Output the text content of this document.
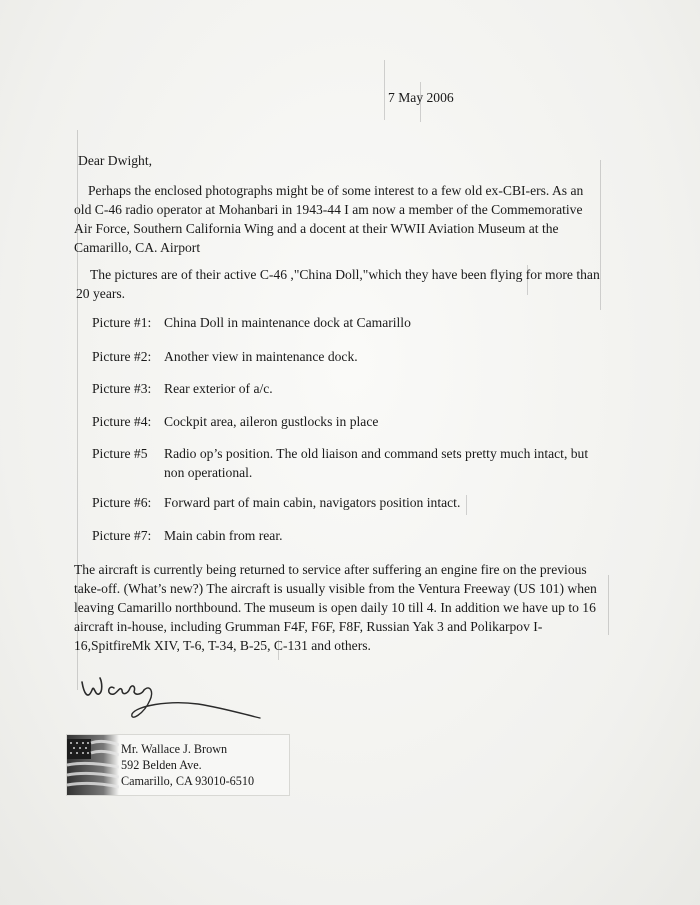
7 May 2006
Dear Dwight,
Perhaps the enclosed photographs might be of some interest to a few old ex-CBI-ers. As an
old C-46 radio operator at Mohanbari in 1943-44 I am now a member of the Commemorative
Air Force, Southern California Wing and a docent at their WWII Aviation Museum at the
Camarillo, CA. Airport
The pictures are of their active C-46 ,"China Doll,"which they have been flying for more than
20 years.
Picture #1: China Doll in maintenance dock at Camarillo
Picture #2: Another view in maintenance dock.
Picture #3: Rear exterior of a/c.
Picture #4: Cockpit area, aileron gustlocks in place
Picture #5 Radio op’s position. The old liaison and command sets pretty much intact, but
non operational.
Picture #6: Forward part of main cabin, navigators position intact.
Picture #7: Main cabin from rear.
The aircraft is currently being returned to service after suffering an engine fire on the previous
take-off. (What’s new?) The aircraft is usually visible from the Ventura Freeway (US 101) when
leaving Camarillo northbound. The museum is open daily 10 till 4. In addition we have up to 16
aircraft in-house, including Grumman F4F, F6F, F8F, Russian Yak 3 and Polikarpov I-
16,SpitfireMk XIV, T-6, T-34, B-25, C-131 and others.
Mr. Wallace J. Brown
592 Belden Ave.
Camarillo, CA 93010-6510
